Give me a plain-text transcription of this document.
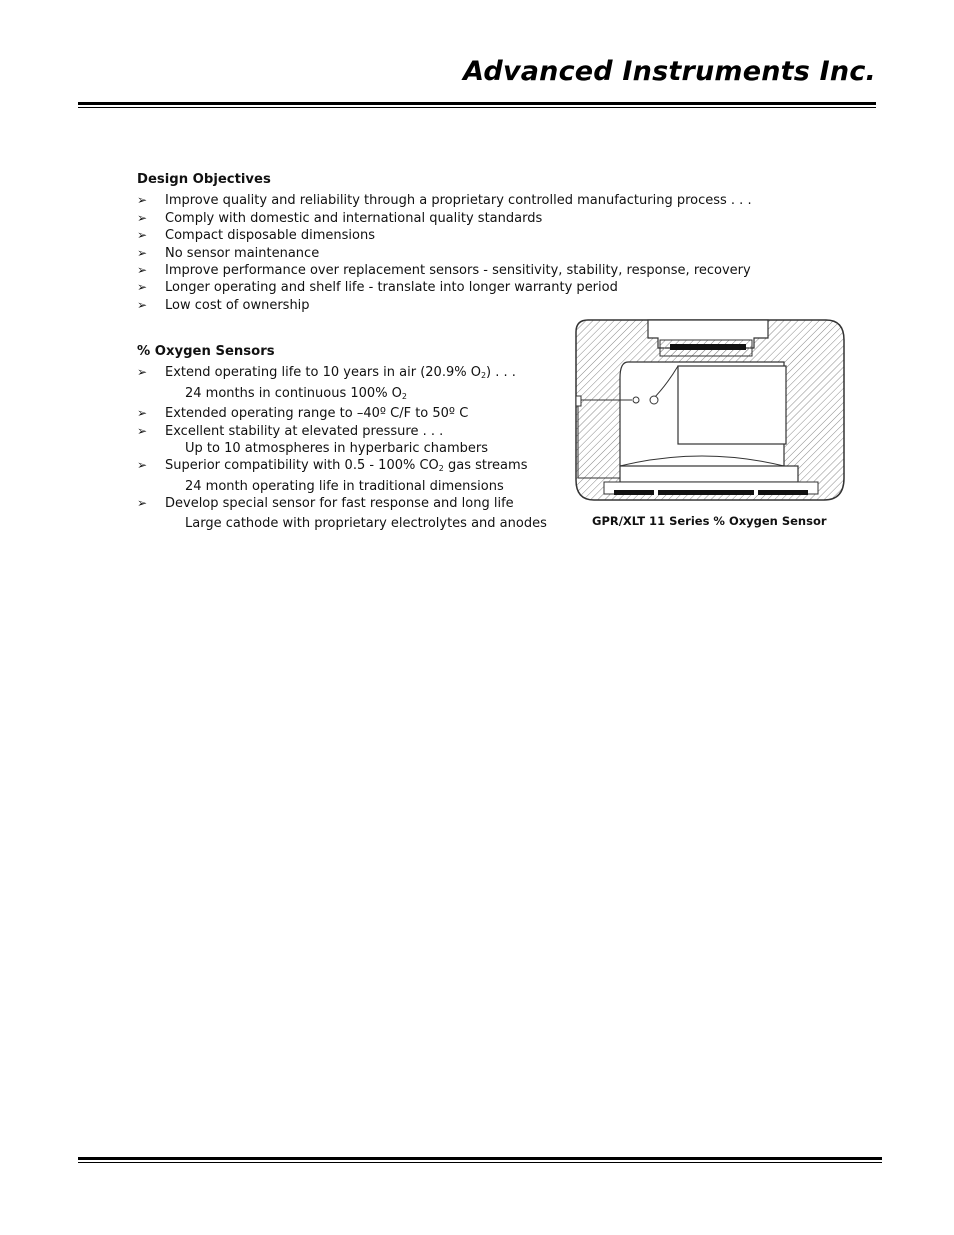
Advanced Instruments Inc.
Design Objectives
➢ Improve quality and reliability through a proprietary controlled manufacturing process . . .
➢ Comply with domestic and international quality standards
➢ Compact disposable dimensions
➢ No sensor maintenance
➢ Improve performance over replacement sensors - sensitivity, stability, response, recovery
➢ Longer operating and shelf life - translate into longer warranty period
➢ Low cost of ownership
% Oxygen Sensors
➢ Extend operating life to 10 years in air (20.9% $O_2$) . . .
24 months in continuous 100% $O_2$
➢ Extended operating range to –40º C/F to 50º C
➢ Excellent stability at elevated pressure . . .
Up to 10 atmospheres in hyperbaric chambers
➢ Superior compatibility with 0.5 - 100% $CO_2$ gas streams
24 month operating life in traditional dimensions
➢ Develop special sensor for fast response and long life
Large cathode with proprietary electrolytes and anodes	GPR/XLT 11 Series % Oxygen Sensor
